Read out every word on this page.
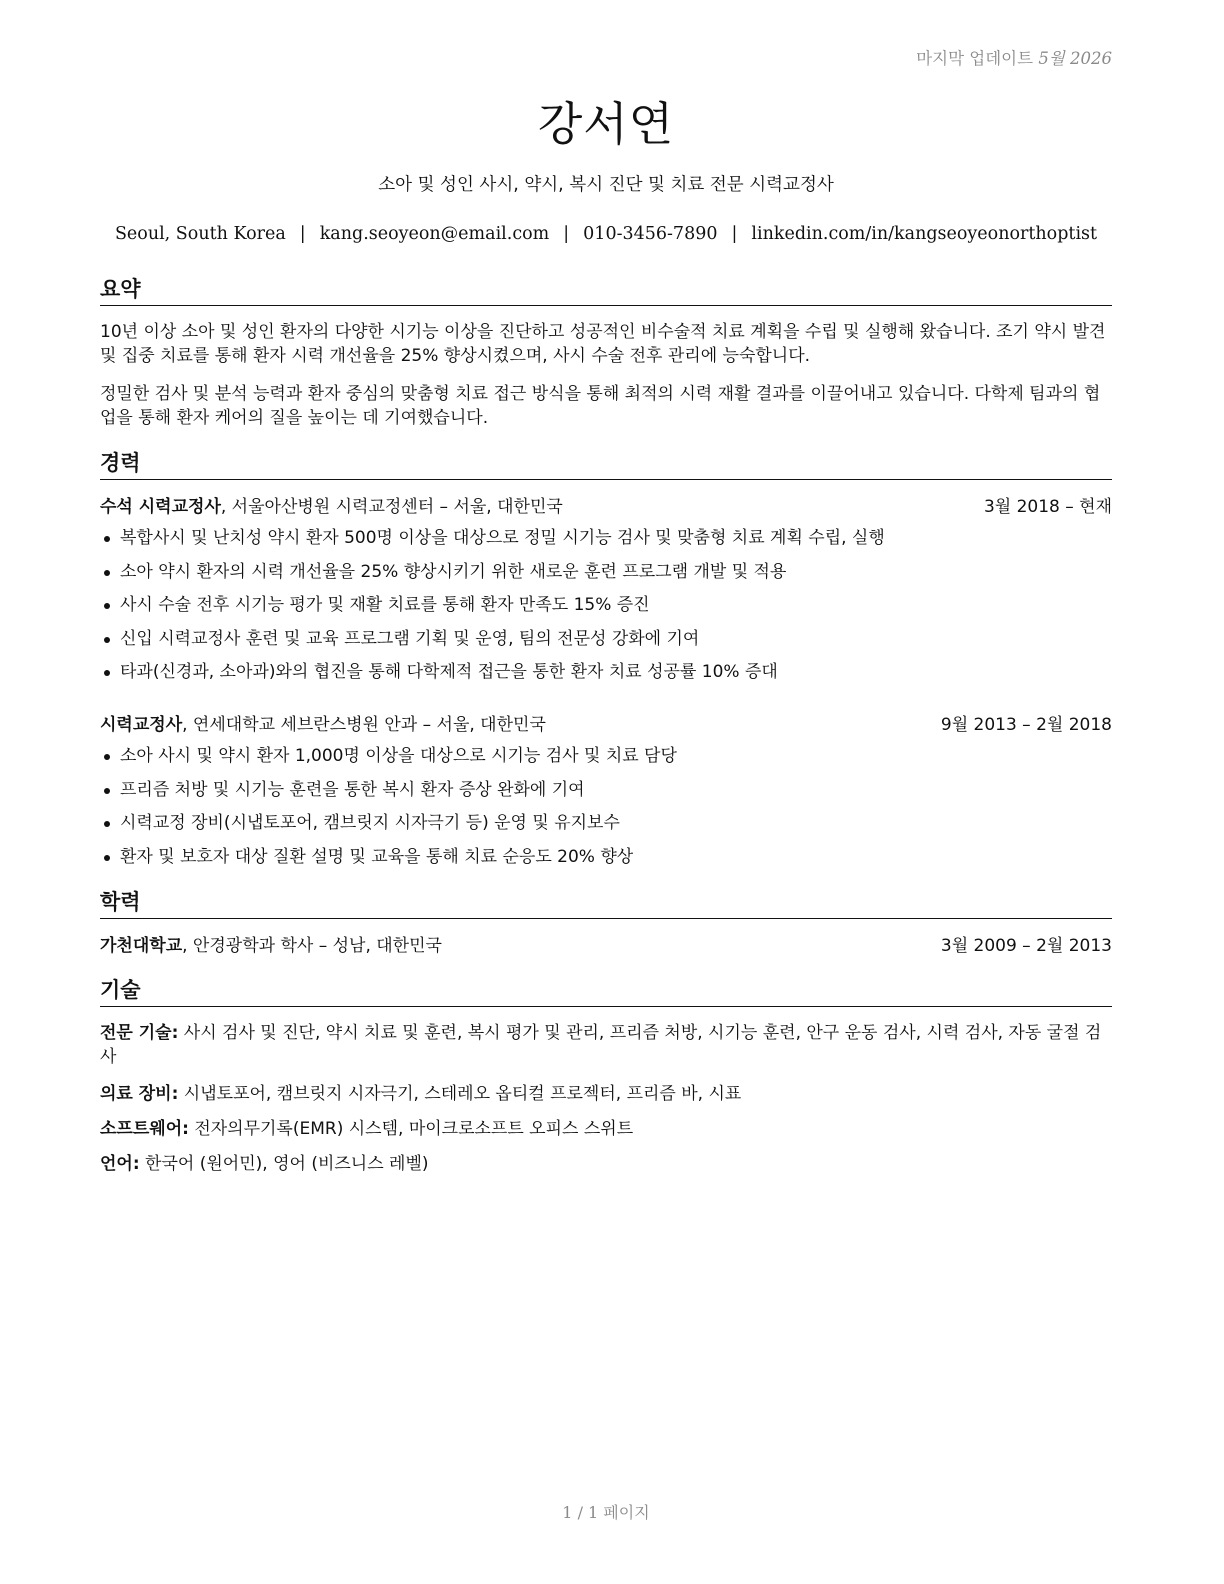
마지막 업데이트 5월 2026
강서연
소아 및 성인 사시, 약시, 복시 진단 및 치료 전문 시력교정사
Seoul, South Korea | kang.seoyeon@email.com | 010-3456-7890 | linkedin.com/in/kangseoyeonorthoptist
요약
10년 이상 소아 및 성인 환자의 다양한 시기능 이상을 진단하고 성공적인 비수술적 치료 계획을 수립 및 실행해 왔습니다. 조기 약시 발견 및 집중 치료를 통해 환자 시력 개선율을 25% 향상시켰으며, 사시 수술 전후 관리에 능숙합니다.
정밀한 검사 및 분석 능력과 환자 중심의 맞춤형 치료 접근 방식을 통해 최적의 시력 재활 결과를 이끌어내고 있습니다. 다학제 팀과의 협업을 통해 환자 케어의 질을 높이는 데 기여했습니다.
경력
수석 시력교정사, 서울아산병원 시력교정센터 – 서울, 대한민국	3월 2018 – 현재
복합사시 및 난치성 약시 환자 500명 이상을 대상으로 정밀 시기능 검사 및 맞춤형 치료 계획 수립, 실행
소아 약시 환자의 시력 개선율을 25% 향상시키기 위한 새로운 훈련 프로그램 개발 및 적용
사시 수술 전후 시기능 평가 및 재활 치료를 통해 환자 만족도 15% 증진
신입 시력교정사 훈련 및 교육 프로그램 기획 및 운영, 팀의 전문성 강화에 기여
타과(신경과, 소아과)와의 협진을 통해 다학제적 접근을 통한 환자 치료 성공률 10% 증대
시력교정사, 연세대학교 세브란스병원 안과 – 서울, 대한민국	9월 2013 – 2월 2018
소아 사시 및 약시 환자 1,000명 이상을 대상으로 시기능 검사 및 치료 담당
프리즘 처방 및 시기능 훈련을 통한 복시 환자 증상 완화에 기여
시력교정 장비(시냅토포어, 캠브릿지 시자극기 등) 운영 및 유지보수
환자 및 보호자 대상 질환 설명 및 교육을 통해 치료 순응도 20% 향상
학력
가천대학교, 안경광학과 학사 – 성남, 대한민국	3월 2009 – 2월 2013
기술
전문 기술: 사시 검사 및 진단, 약시 치료 및 훈련, 복시 평가 및 관리, 프리즘 처방, 시기능 훈련, 안구 운동 검사, 시력 검사, 자동 굴절 검사
의료 장비: 시냅토포어, 캠브릿지 시자극기, 스테레오 옵티컬 프로젝터, 프리즘 바, 시표
소프트웨어: 전자의무기록(EMR) 시스템, 마이크로소프트 오피스 스위트
언어: 한국어 (원어민), 영어 (비즈니스 레벨)
1 / 1 페이지
